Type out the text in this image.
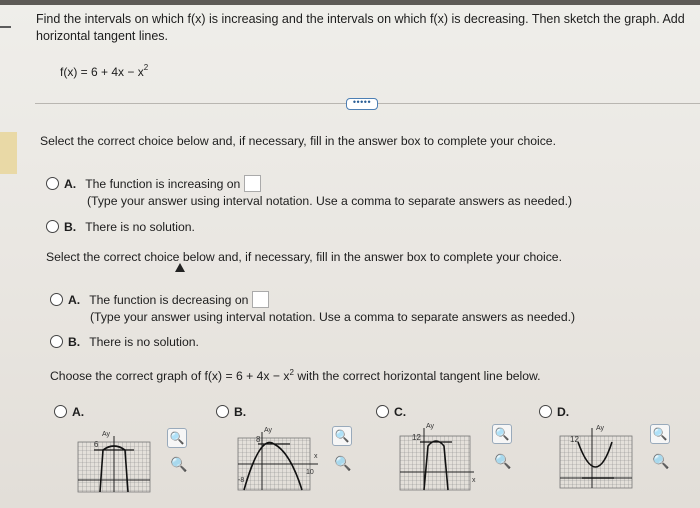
Find the intervals on which f(x) is increasing and the intervals on which f(x) is decreasing. Then sketch the graph. Add horizontal tangent lines.
$f(x) = 6 + 4x - x^2$
•••••
Select the correct choice below and, if necessary, fill in the answer box to complete your choice.
A. The function is increasing on
(Type your answer using interval notation. Use a comma to separate answers as needed.)
B. There is no solution.
Select the correct choice below and, if necessary, fill in the answer box to complete your choice.
A. The function is decreasing on
(Type your answer using interval notation. Use a comma to separate answers as needed.)
B. There is no solution.
Choose the correct graph of $f(x) = 6 + 4x - x^2$ with the correct horizontal tangent line below.
A.	B.	C.	D.
6
Ay	🔍
🔍
8
x
10
-8
Ay	🔍
🔍
12
x
Ay
🔍
🔍
12
Ay	🔍
🔍
